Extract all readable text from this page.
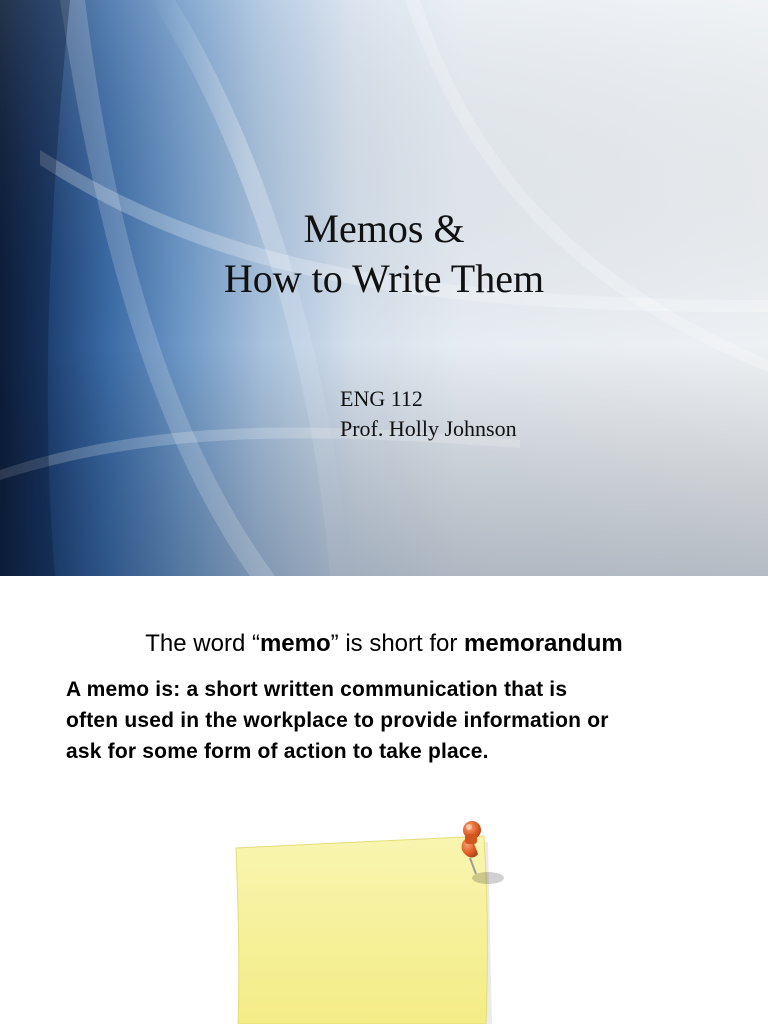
Memos &
How to Write Them
ENG 112
Prof. Holly Johnson
The word “memo” is short for memorandum
A memo is: a short written communication that is
often used in the workplace to provide information or
ask for some form of action to take place.
